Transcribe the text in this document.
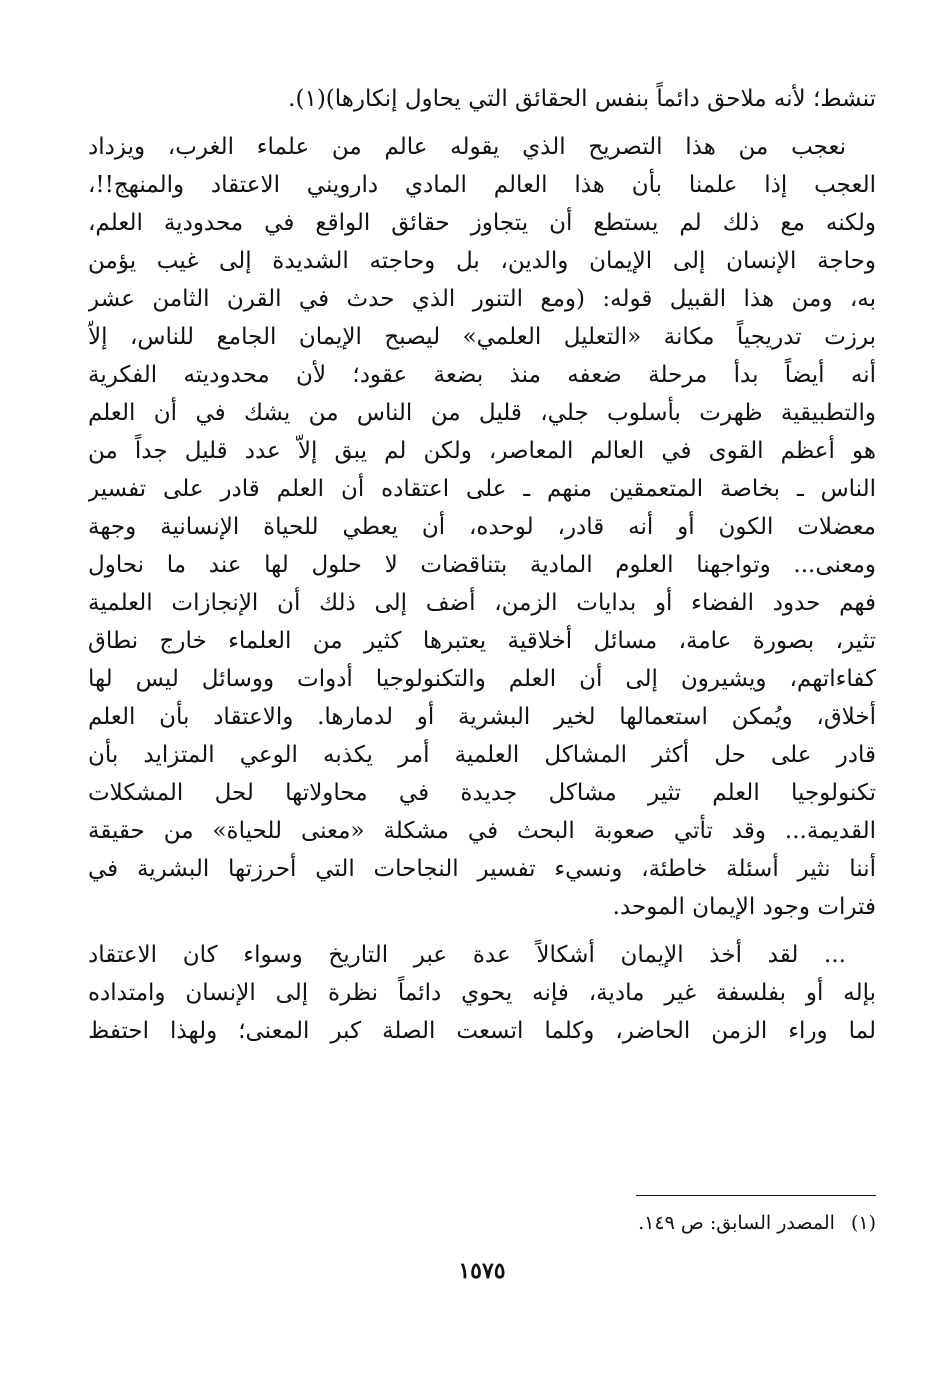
تنشط؛ لأنه ملاحق دائماً بنفس الحقائق التي يحاول إنكارها)(١).
نعجب من هذا التصريح الذي يقوله عالم من علماء الغرب، ويزداد
العجب إذا علمنا بأن هذا العالم المادي دارويني الاعتقاد والمنهج!!،
ولكنه مع ذلك لم يستطع أن يتجاوز حقائق الواقع في محدودية العلم،
وحاجة الإنسان إلى الإيمان والدين، بل وحاجته الشديدة إلى غيب يؤمن
به، ومن هذا القبيل قوله: (ومع التنور الذي حدث في القرن الثامن عشر
برزت تدريجياً مكانة «التعليل العلمي» ليصبح الإيمان الجامع للناس، إلاّ
أنه أيضاً بدأ مرحلة ضعفه منذ بضعة عقود؛ لأن محدوديته الفكرية
والتطبيقية ظهرت بأسلوب جلي، قليل من الناس من يشك في أن العلم
هو أعظم القوى في العالم المعاصر، ولكن لم يبق إلاّ عدد قليل جداً من
الناس ـ بخاصة المتعمقين منهم ـ على اعتقاده أن العلم قادر على تفسير
معضلات الكون أو أنه قادر، لوحده، أن يعطي للحياة الإنسانية وجهة
ومعنى... وتواجهنا العلوم المادية بتناقضات لا حلول لها عند ما نحاول
فهم حدود الفضاء أو بدايات الزمن، أضف إلى ذلك أن الإنجازات العلمية
تثير، بصورة عامة، مسائل أخلاقية يعتبرها كثير من العلماء خارج نطاق
كفاءاتهم، ويشيرون إلى أن العلم والتكنولوجيا أدوات ووسائل ليس لها
أخلاق، ويُمكن استعمالها لخير البشرية أو لدمارها. والاعتقاد بأن العلم
قادر على حل أكثر المشاكل العلمية أمر يكذبه الوعي المتزايد بأن
تكنولوجيا العلم تثير مشاكل جديدة في محاولاتها لحل المشكلات
القديمة... وقد تأتي صعوبة البحث في مشكلة «معنى للحياة» من حقيقة
أننا نثير أسئلة خاطئة، ونسيء تفسير النجاحات التي أحرزتها البشرية في
فترات وجود الإيمان الموحد.
... لقد أخذ الإيمان أشكالاً عدة عبر التاريخ وسواء كان الاعتقاد
بإله أو بفلسفة غير مادية، فإنه يحوي دائماً نظرة إلى الإنسان وامتداده
لما وراء الزمن الحاضر، وكلما اتسعت الصلة كبر المعنى؛ ولهذا احتفظ
(١) المصدر السابق: ص ١٤٩.
١٥٧٥
